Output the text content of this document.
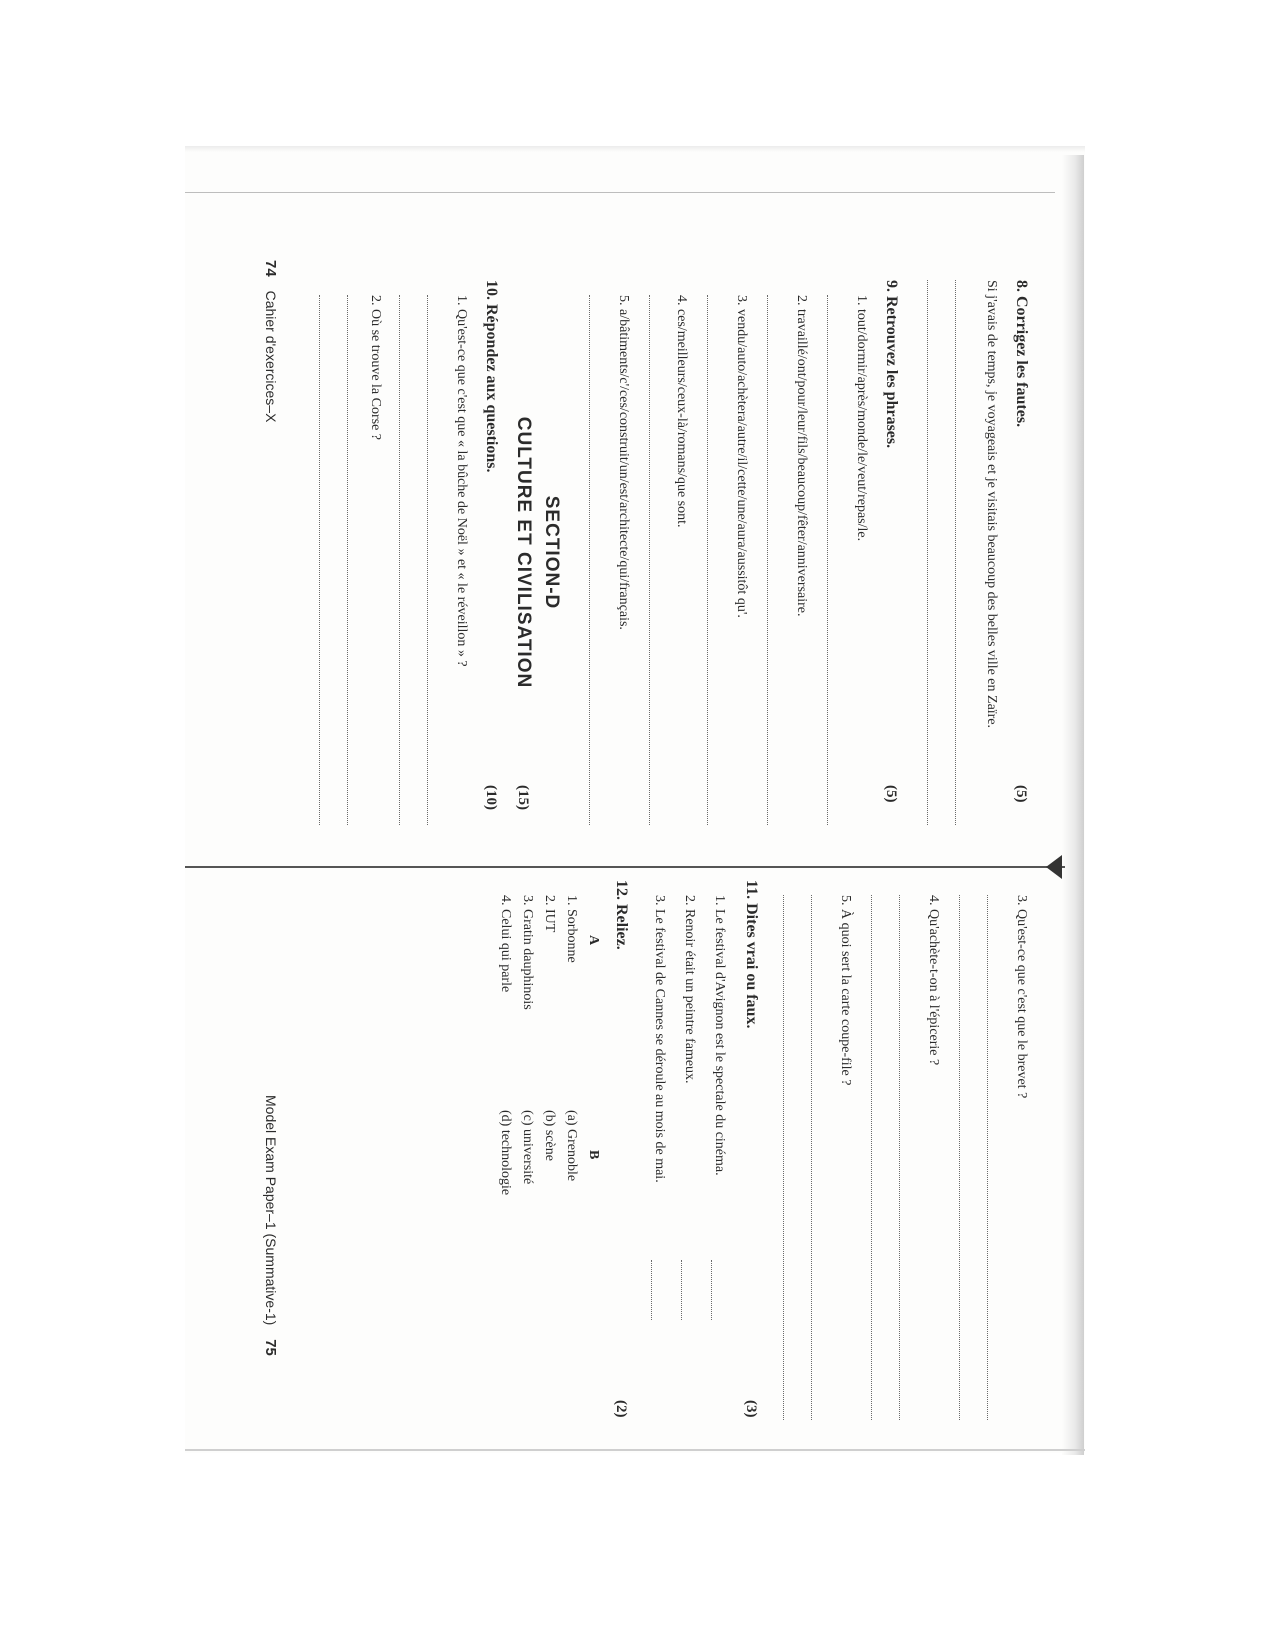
8. Corrigez les fautes.
(5)
Si j'avais de temps, je voyageais et je visitais beaucoup des belles ville en Zaïre.
9. Retrouvez les phrases.
(5)
1. tout/dormir/après/monde/le/veut/repas/le.
2. travaillé/ont/pour/leur/fils/beaucoup/fêter/anniversaire.
3. vendu/auto/achètera/autre/il/cette/une/aura/aussitôt qu'.
4. ces/meilleurs/ceux-là/romans/que sont.
5. a/bâtiments/c'/ces/construit/un/est/architecte/qui/français.
SECTION-D
CULTURE ET CIVILISATION
(15)
10. Répondez aux questions.
(10)
1. Qu'est-ce que c'est que « la bûche de Noël » et « le réveillon » ?
2. Où se trouve la Corse ?
74 Cahier d'exercices–X
3. Qu'est-ce que c'est que le brevet ?
4. Qu'achète-t-on à l'épicerie ?
5. À quoi sert la carte coupe-file ?
11. Dites vrai ou faux.
(3)
1. Le festival d'Avignon est le spectale du cinéma.
2. Renoir était un peintre fameux.
3. Le festival de Cannes se déroule au mois de mai.
12. Reliez.
(2)
A
1. Sorbonne
2. IUT
3. Gratin dauphinois
4. Celui qui parle
B
(a) Grenoble
(b) scène
(c) université
(d) technologie
Model Exam Paper–1 (Summative-1) 75
